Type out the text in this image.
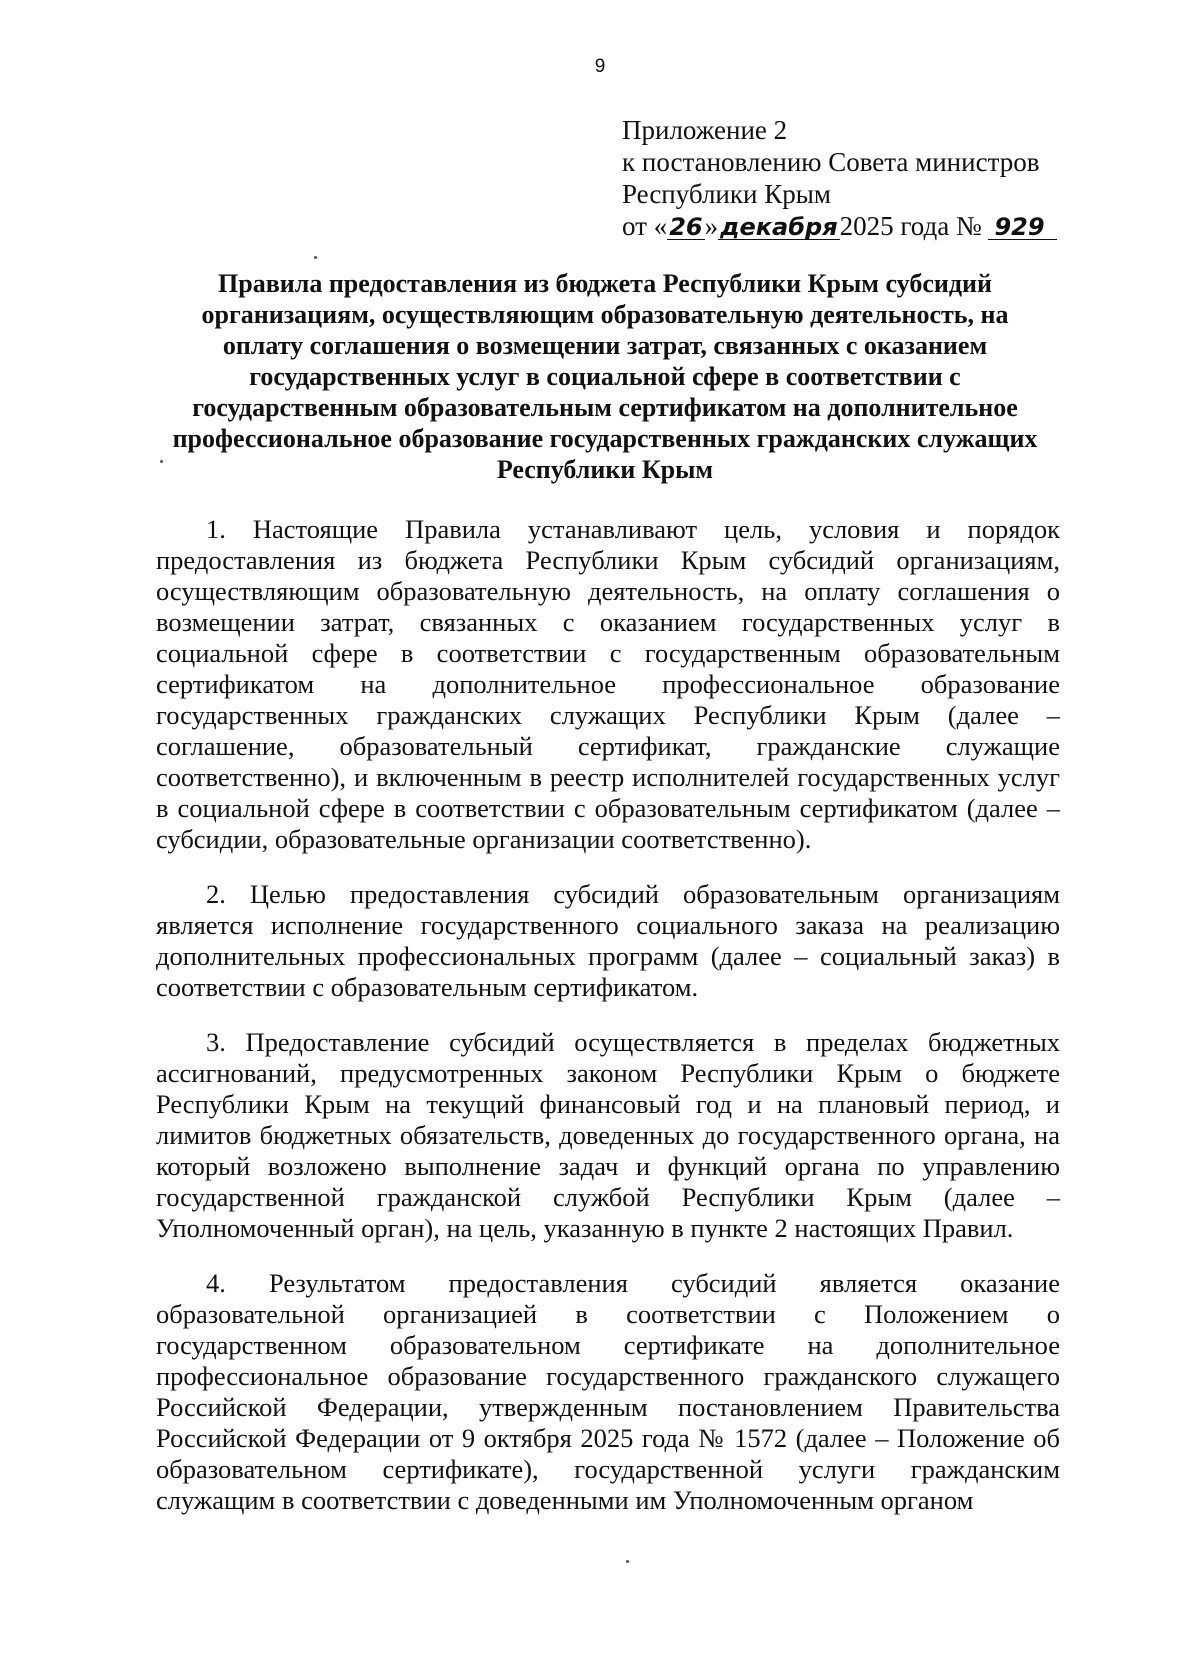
9
Приложение 2
к постановлению Совета министров
Республики Крым
от «26»декабря2025 года № 929
Правила предоставления из бюджета Республики Крым субсидий
организациям, осуществляющим образовательную деятельность, на
оплату соглашения о возмещении затрат, связанных с оказанием
государственных услуг в социальной сфере в соответствии с
государственным образовательным сертификатом на дополнительное
профессиональное образование государственных гражданских служащих
Республики Крым

1. Настоящие Правила устанавливают цель, условия и порядок предоставления из бюджета Республики Крым субсидий организациям, осуществляющим образовательную деятельность, на оплату соглашения о возмещении затрат, связанных с оказанием государственных услуг в социальной сфере в соответствии с государственным образовательным сертификатом на дополнительное профессиональное образование государственных гражданских служащих Республики Крым (далее – соглашение, образовательный сертификат, гражданские служащие соответственно), и включенным в реестр исполнителей государственных услуг в социальной сфере в соответствии с образовательным сертификатом (далее – субсидии, образовательные организации соответственно).

2. Целью предоставления субсидий образовательным организациям является исполнение государственного социального заказа на реализацию дополнительных профессиональных программ (далее – социальный заказ) в соответствии с образовательным сертификатом.

3. Предоставление субсидий осуществляется в пределах бюджетных ассигнований, предусмотренных законом Республики Крым о бюджете Республики Крым на текущий финансовый год и на плановый период, и лимитов бюджетных обязательств, доведенных до государственного органа, на который возложено выполнение задач и функций органа по управлению государственной гражданской службой Республики Крым (далее – Уполномоченный орган), на цель, указанную в пункте 2 настоящих Правил.

4. Результатом предоставления субсидий является оказание образовательной организацией в соответствии с Положением о государственном образовательном сертификате на дополнительное профессиональное образование государственного гражданского служащего Российской Федерации, утвержденным постановлением Правительства Российской Федерации от 9 октября 2025 года № 1572 (далее – Положение об образовательном сертификате), государственной услуги гражданским служащим в соответствии с доведенными им Уполномоченным органом
